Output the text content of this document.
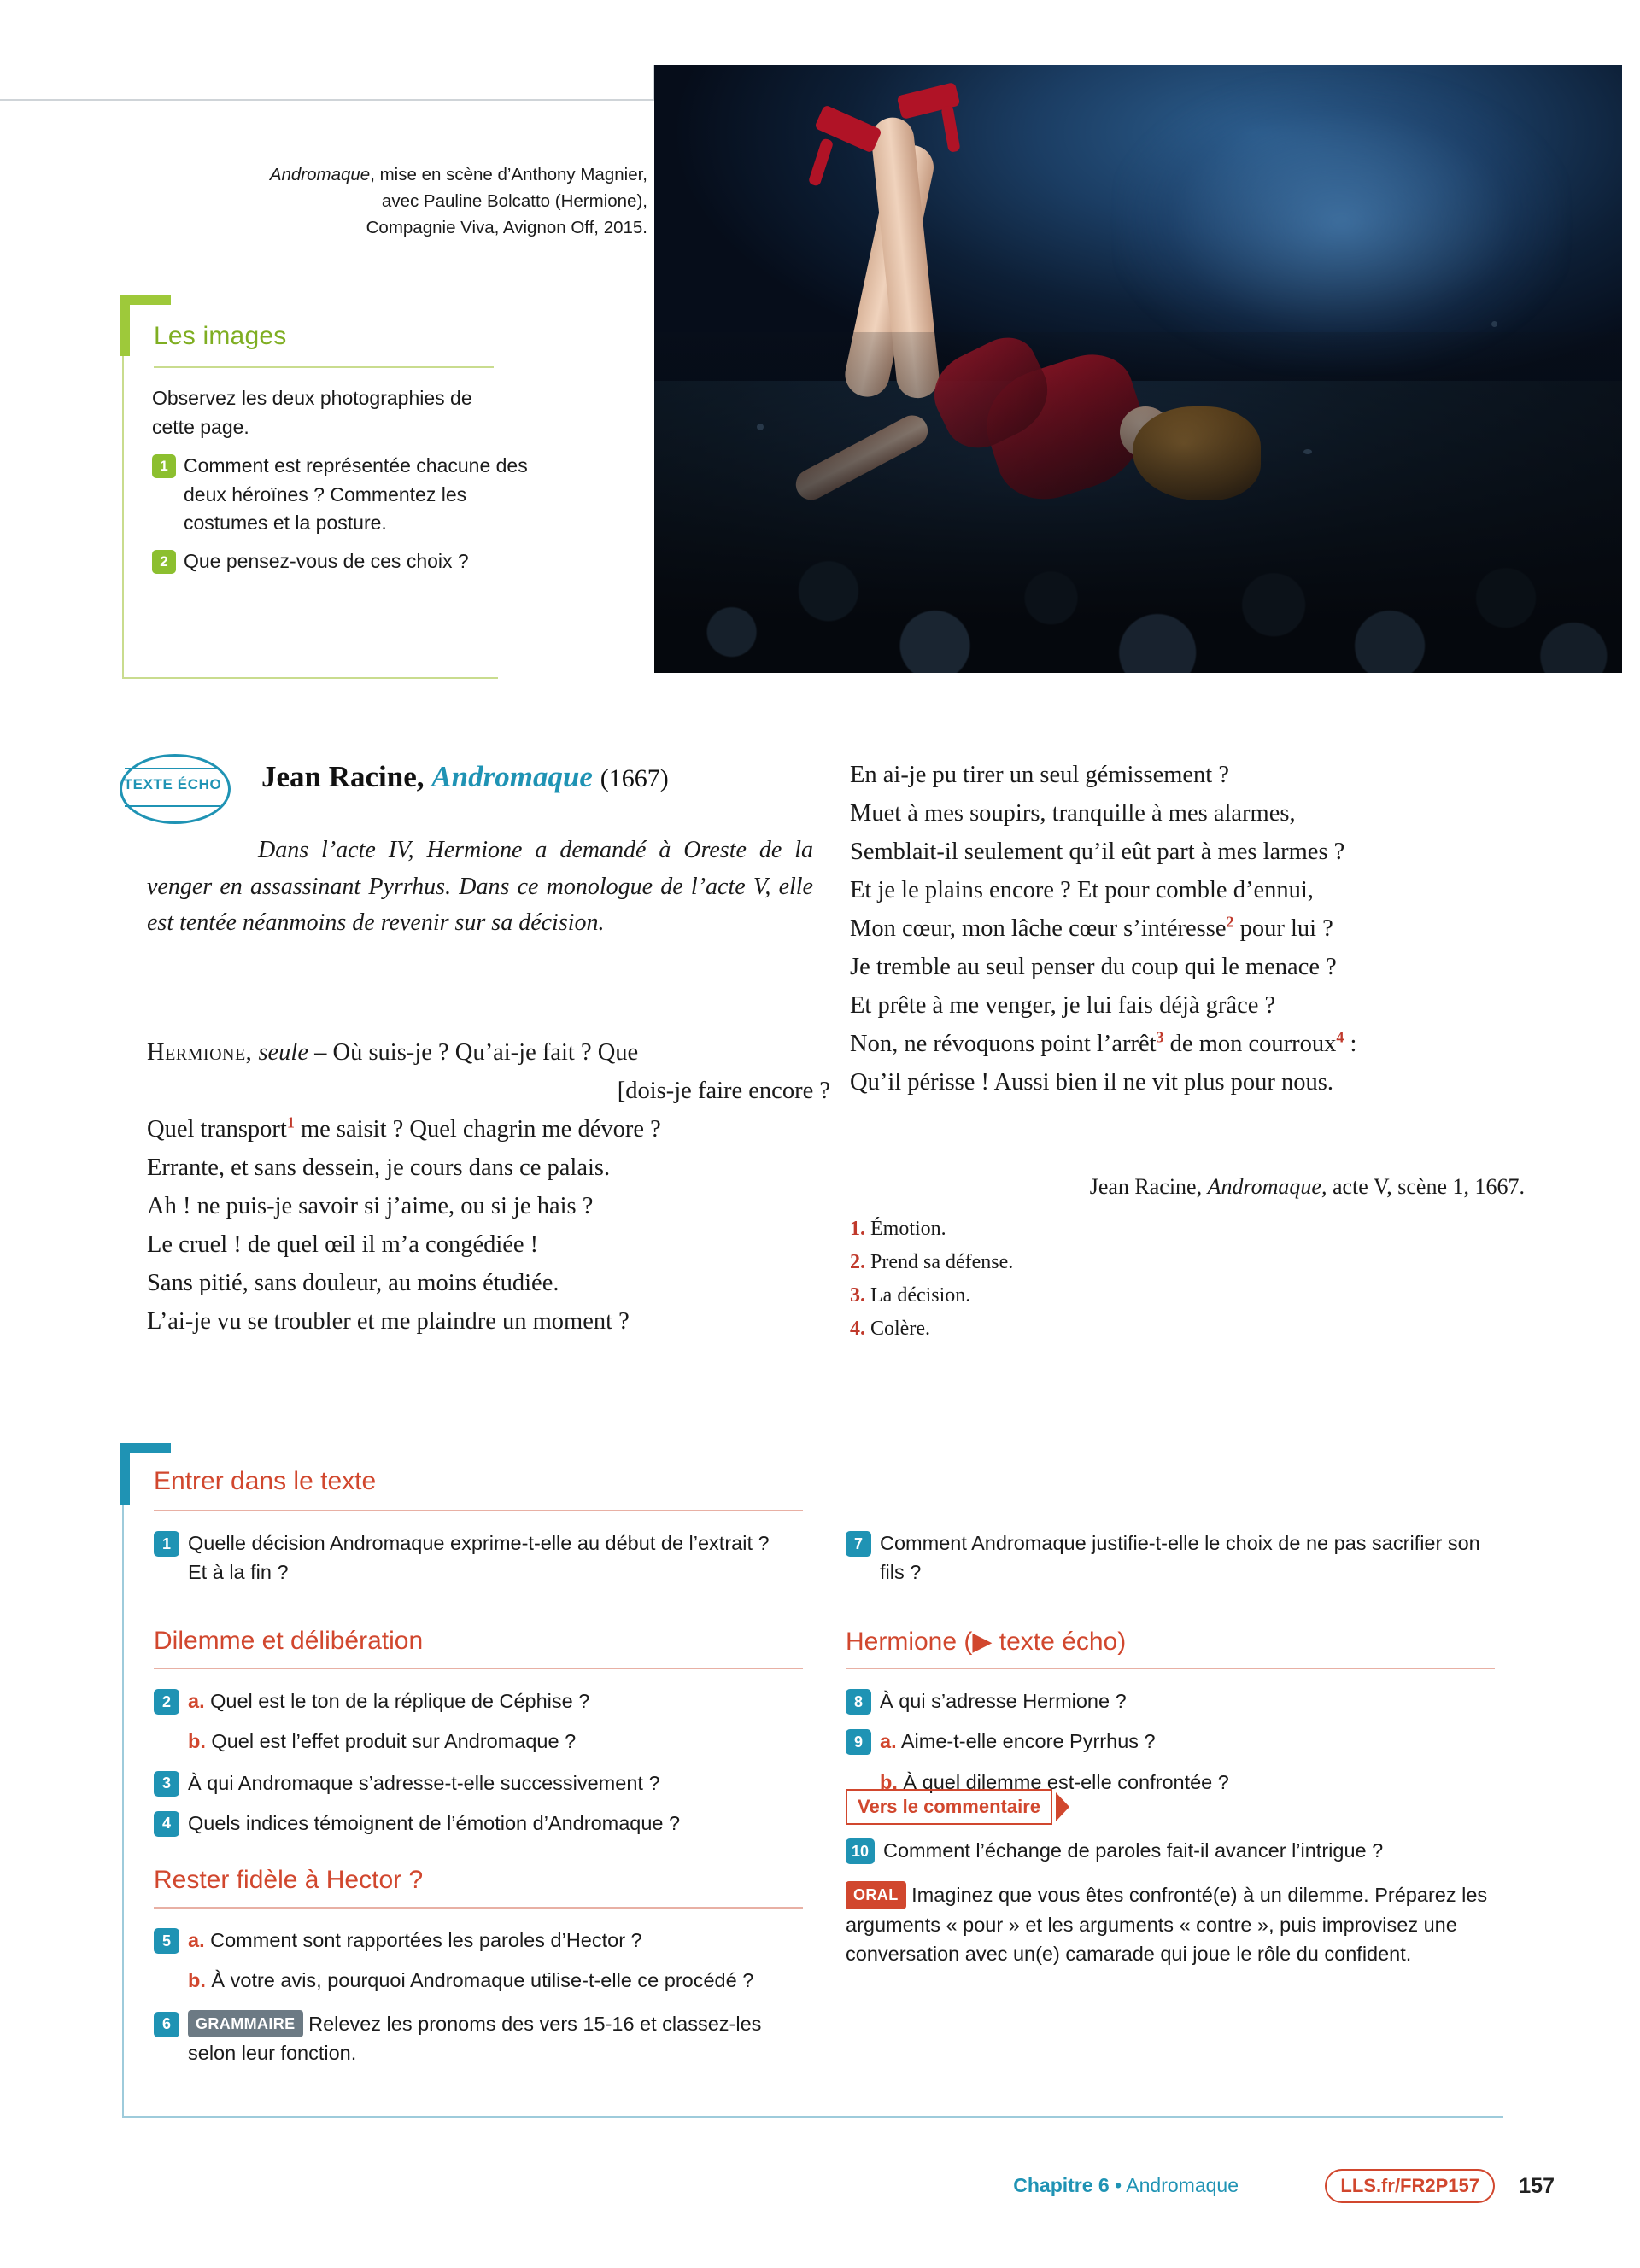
Andromaque, mise en scène d’Anthony Magnier,
avec Pauline Bolcatto (Hermione),
Compagnie Viva, Avignon Off, 2015.
Les images
Observez les deux photographies de cette page.
1 Comment est représentée chacune des deux héroïnes ? Commentez les costumes et la posture.
2 Que pensez-vous de ces choix ?
TEXTE ÉCHO Jean Racine, Andromaque (1667)
Dans l’acte IV, Hermione a demandé à Oreste de la venger en assassinant Pyrrhus. Dans ce monologue de l’acte V, elle est tentée néanmoins de revenir sur sa décision.
Hermione, seule – Où suis-je ? Qu’ai-je fait ? Que
[dois-je faire encore ?
Quel transport$^1$ me saisit ? Quel chagrin me dévore ?
Errante, et sans dessein, je cours dans ce palais.
Ah ! ne puis-je savoir si j’aime, ou si je hais ?
Le cruel ! de quel œil il m’a congédiée !
Sans pitié, sans douleur, au moins étudiée.
L’ai-je vu se troubler et me plaindre un moment ?
En ai-je pu tirer un seul gémissement ?
Muet à mes soupirs, tranquille à mes alarmes,
Semblait-il seulement qu’il eût part à mes larmes ?
Et je le plains encore ? Et pour comble d’ennui,
Mon cœur, mon lâche cœur s’intéresse$^2$ pour lui ?
Je tremble au seul penser du coup qui le menace ?
Et prête à me venger, je lui fais déjà grâce ?
Non, ne révoquons point l’arrêt$^3$ de mon courroux$^4$ :
Qu’il périsse ! Aussi bien il ne vit plus pour nous.
Jean Racine, Andromaque, acte V, scène 1, 1667.
1. Émotion.
2. Prend sa défense.
3. La décision.
4. Colère.
Entrer dans le texte
1 Quelle décision Andromaque exprime-t-elle au début de l’extrait ? Et à la fin ?
Dilemme et délibération
2 a. Quel est le ton de la réplique de Céphise ?
b. Quel est l’effet produit sur Andromaque ?
3 À qui Andromaque s’adresse-t-elle successivement ?
4 Quels indices témoignent de l’émotion d’Andromaque ?
Rester fidèle à Hector ?
5 a. Comment sont rapportées les paroles d’Hector ?
b. À votre avis, pourquoi Andromaque utilise-t-elle ce procédé ?
6	GRAMMAIRE Relevez les pronoms des vers 15-16 et classez-les selon leur fonction.
7 Comment Andromaque justifie-t-elle le choix de ne pas sacrifier son fils ?
Hermione (▶ texte écho)
8 À qui s’adresse Hermione ?
9 a. Aime-t-elle encore Pyrrhus ?
b. À quel dilemme est-elle confrontée ?
Vers le commentaire
10 Comment l’échange de paroles fait-il avancer l’intrigue ?
ORAL Imaginez que vous êtes confronté(e) à un dilemme. Préparez les arguments « pour » et les arguments « contre », puis improvisez une conversation avec un(e) camarade qui joue le rôle du confident.
Chapitre 6 • Andromaque	LLS.fr/FR2P157	157
